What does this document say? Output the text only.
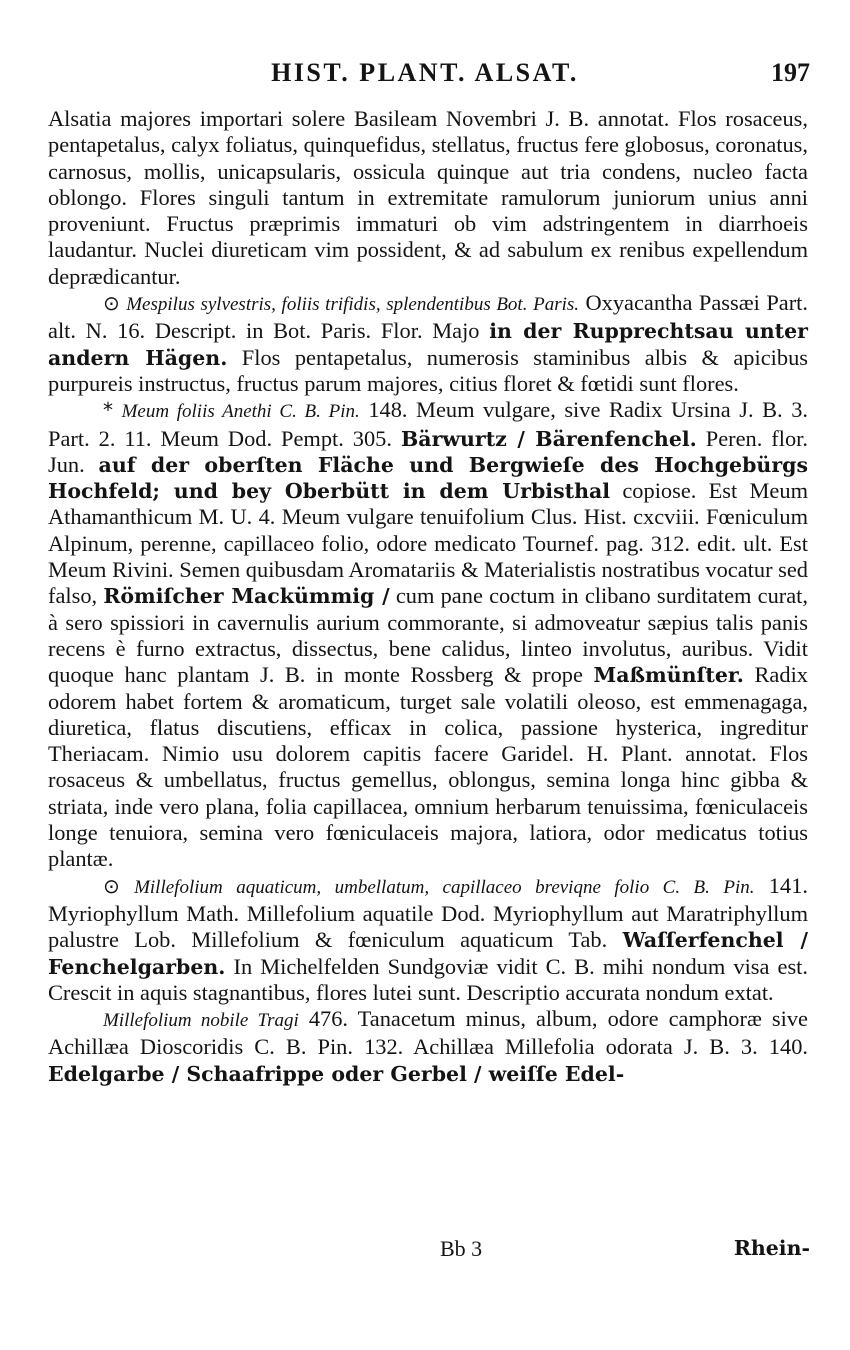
HIST. PLANT. ALSAT.	197

Alsatia majores importari solere Basileam Novembri J. B. annotat. Flos rosaceus, pentapetalus, calyx foliatus, quinquefidus, stellatus, fructus fere globosus, coronatus, carnosus, mollis, unicapsularis, ossicula quinque aut tria condens, nucleo facta oblongo. Flores singuli tantum in extremitate ramulorum juniorum unius anni proveniunt. Fructus præprimis immaturi ob vim adstringentem in diarrhoeis laudantur. Nuclei diureticam vim possident, & ad sabulum ex renibus expellendum deprædicantur.

⊙ Mespilus sylvestris, foliis trifidis, splendentibus Bot. Paris. Oxyacantha Passæi Part. alt. N. 16. Descript. in Bot. Paris. Flor. Majo in der Rupprechtsau unter andern Hägen. Flos pentapetalus, numerosis staminibus albis & apicibus purpureis instructus, fructus parum majores, citius floret & fœtidi sunt flores.

* Meum foliis Anethi C. B. Pin. 148. Meum vulgare, sive Radix Ursina J. B. 3. Part. 2. 11. Meum Dod. Pempt. 305. Bärwurtz / Bärenfenchel. Peren. flor. Jun. auf der oberſten Fläche und Bergwieſe des Hochgebürgs Hochfeld; und bey Oberbütt in dem Urbisthal copiose. Est Meum Athamanthicum M. U. 4. Meum vulgare tenuifolium Clus. Hist. cxcviii. Fœniculum Alpinum, perenne, capillaceo folio, odore medicato Tournef. pag. 312. edit. ult. Est Meum Rivini. Semen quibusdam Aromatariis & Materialistis nostratibus vocatur sed falso, Römiſcher Mackümmig / cum pane coctum in clibano surditatem curat, à sero spissiori in cavernulis aurium commorante, si admoveatur sæpius talis panis recens è furno extractus, dissectus, bene calidus, linteo involutus, auribus. Vidit quoque hanc plantam J. B. in monte Rossberg & prope Maßmünſter. Radix odorem habet fortem & aromaticum, turget sale volatili oleoso, est emmenagaga, diuretica, flatus discutiens, efficax in colica, passione hysterica, ingreditur Theriacam. Nimio usu dolorem capitis facere Garidel. H. Plant. annotat. Flos rosaceus & umbellatus, fructus gemellus, oblongus, semina longa hinc gibba & striata, inde vero plana, folia capillacea, omnium herbarum tenuissima, fœniculaceis longe tenuiora, semina vero fœniculaceis majora, latiora, odor medicatus totius plantæ.

⊙ Millefolium aquaticum, umbellatum, capillaceo breviqne folio C. B. Pin. 141. Myriophyllum Math. Millefolium aquatile Dod. Myriophyllum aut Maratriphyllum palustre Lob. Millefolium & fœniculum aquaticum Tab. Waſſerfenchel / Fenchelgarben. In Michelfelden Sundgoviæ vidit C. B. mihi nondum visa est. Crescit in aquis stagnantibus, flores lutei sunt. Descriptio accurata nondum extat.

Millefolium nobile Tragi 476. Tanacetum minus, album, odore camphoræ sive Achillæa Dioscoridis C. B. Pin. 132. Achillæa Millefolia odorata J. B. 3. 140. Edelgarbe / Schaafrippe oder Gerbel / weiſſe Edel-

Bb 3	Rhein-
